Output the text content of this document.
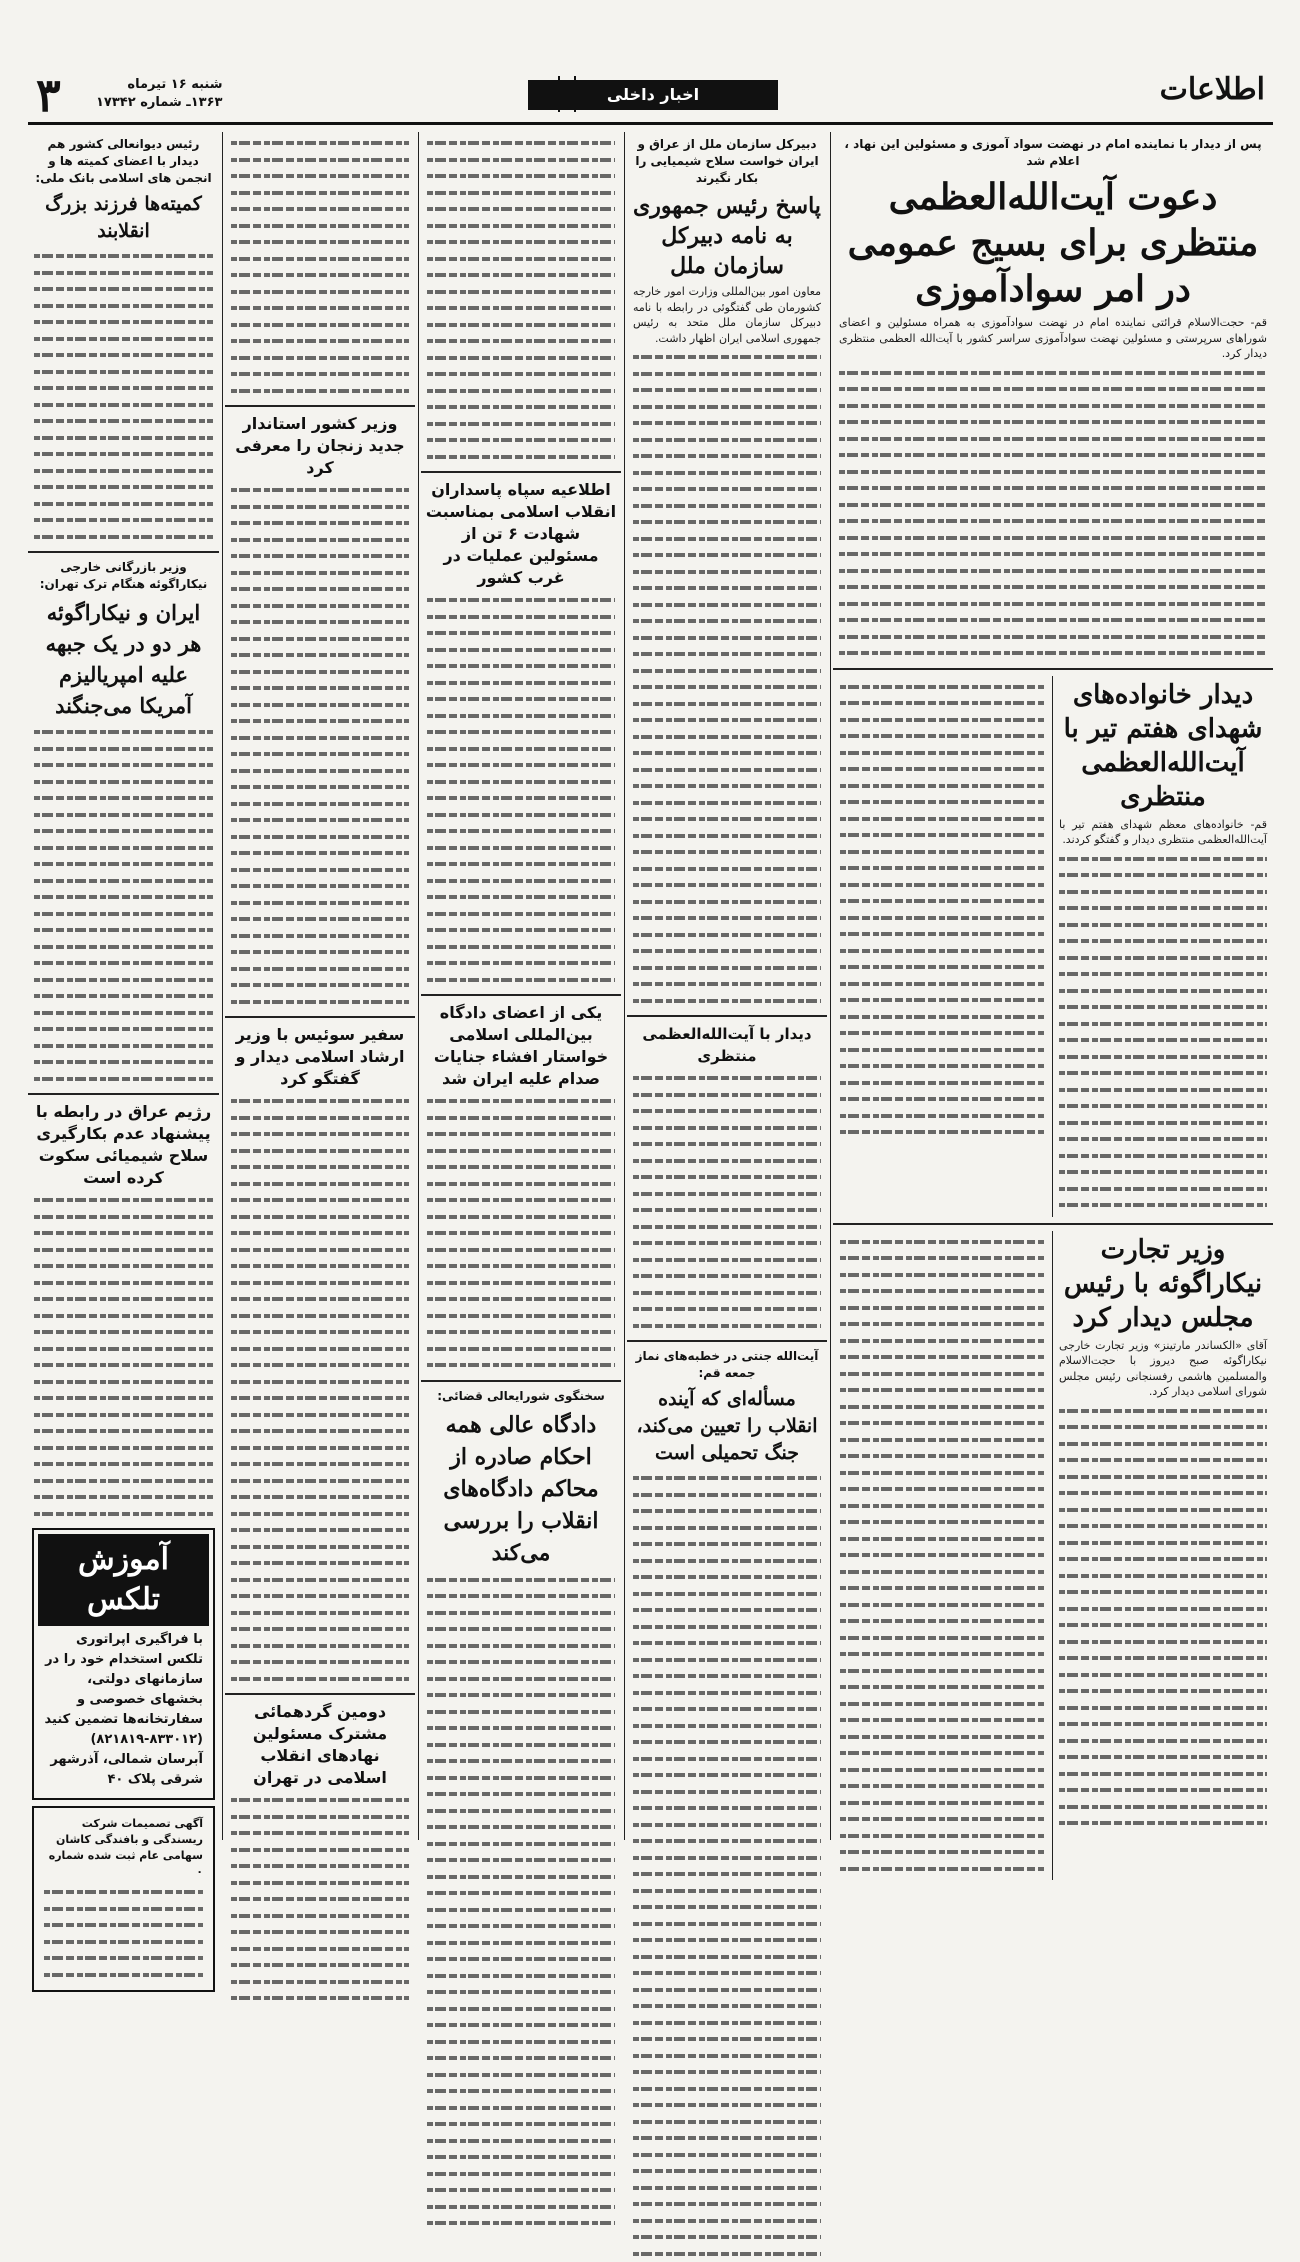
اطلاعات
اخبار داخلی
شنبه ۱۶ تیرماه
۱۳۶۳ـ شماره ۱۷۳۴۲
۳
پس از دیدار با نماینده امام در نهضت سواد آموزی و مسئولین این نهاد ، اعلام شد
دعوت آیت‌الله‌العظمی منتظری برای بسیج عمومی در امر سوادآموزی
قم- حجت‌الاسلام قرائتی نماینده امام در نهضت سوادآموزی به همراه مسئولین و اعضای شوراهای سرپرستی و مسئولین نهضت سوادآموزی سراسر کشور با آیت‌الله العظمی منتظری دیدار کرد.
دیدار خانواده‌های شهدای هفتم تیر با آیت‌الله‌العظمی منتظری
قم- خانواده‌های معظم شهدای هفتم تیر با آیت‌الله‌العظمی منتظری دیدار و گفتگو کردند.
وزیر تجارت نیکاراگوئه با رئیس مجلس دیدار کرد
آقای «الکساندر مارتینز» وزیر تجارت خارجی نیکاراگوئه صبح دیروز با حجت‌الاسلام والمسلمین هاشمی رفسنجانی رئیس مجلس شورای اسلامی دیدار کرد.
دبیرکل سازمان ملل از عراق و ایران خواست سلاح شیمیایی را بکار نگیرند
پاسخ رئیس جمهوری به نامه دبیرکل سازمان ملل
معاون امور بین‌المللی وزارت امور خارجه کشورمان طی گفتگوئی در رابطه با نامه دبیرکل سازمان ملل متحد به رئیس جمهوری اسلامی ایران اظهار داشت.
دیدار با آیت‌الله‌العظمی منتظری
آیت‌الله جنتی در خطبه‌های نماز جمعه قم:
مسأله‌ای که آینده انقلاب را تعیین می‌کند، جنگ تحمیلی است
اطلاعیه سپاه پاسداران انقلاب اسلامی بمناسبت شهادت ۶ تن از مسئولین عملیات در غرب کشور
یکی از اعضای دادگاه بین‌المللی اسلامی خواستار افشاء جنایات صدام علیه ایران شد
سخنگوی شورایعالی قضائی:
دادگاه عالی همه احکام صادره از محاکم دادگاه‌های انقلاب را بررسی می‌کند
وزیر کشور استاندار جدید زنجان را معرفی کرد
سفیر سوئیس با وزیر ارشاد اسلامی دیدار و گفتگو کرد
دومین گردهمائی مشترک مسئولین نهادهای انقلاب اسلامی در تهران
رئیس دیوانعالی کشور هم دیدار با اعضای کمیته ها و انجمن های اسلامی بانک ملی:
کمیته‌ها فرزند بزرگ انقلابند
وزیر بازرگانی خارجی نیکاراگوئه هنگام ترک تهران:
ایران و نیکاراگوئه هر دو در یک جبهه علیه امپریالیزم آمریکا می‌جنگند
رژیم عراق در رابطه با پیشنهاد عدم بکارگیری سلاح شیمیائی سکوت کرده است
آموزش تلکس
با فراگیری اپراتوری تلکس استخدام خود را در سازمانهای دولتی، بخشهای خصوصی و سفارتخانه‌ها تضمین کنید (۸۳۳۰۱۲-۸۲۱۸۱۹) آبرسان شمالی، آذرشهر شرقی پلاک ۴۰
آگهی تصمیمات شرکت ریسندگی و بافندگی کاشان سهامی عام ثبت شده شماره ۰
